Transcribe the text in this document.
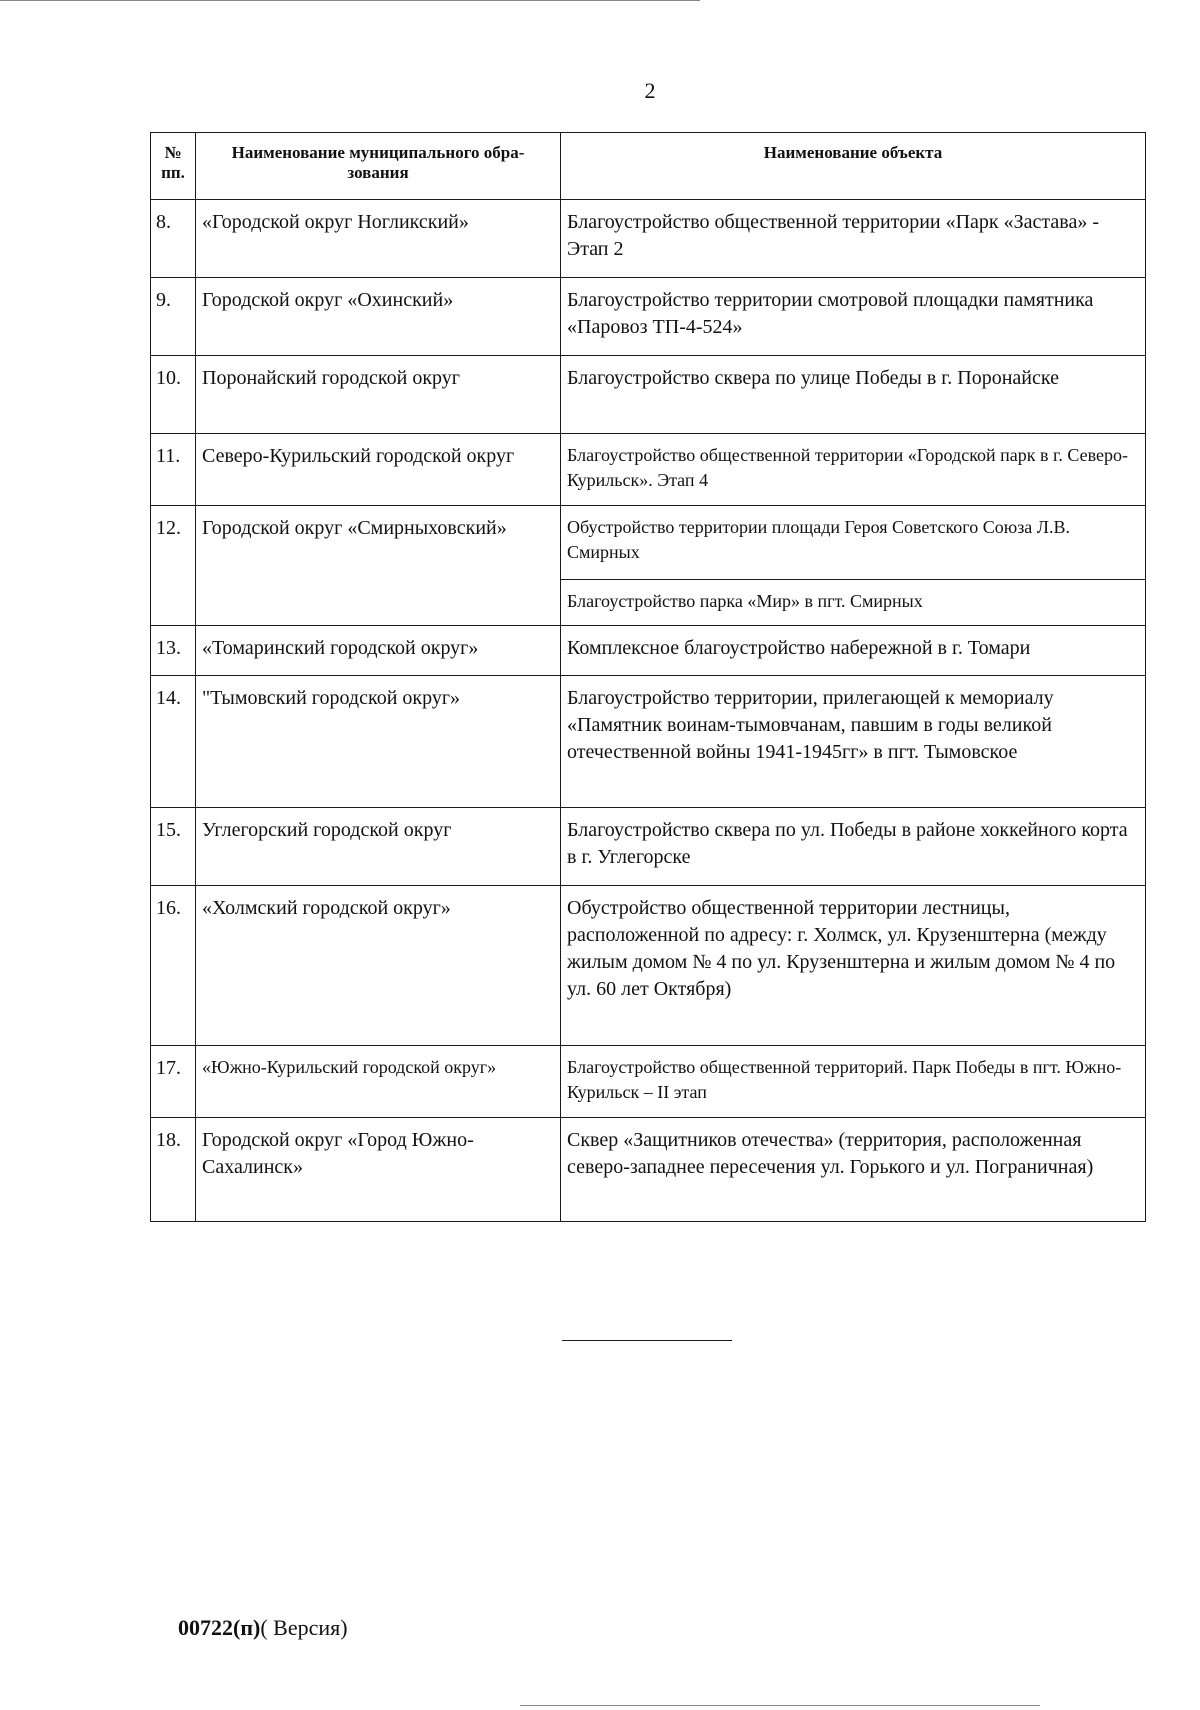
2
№ пп.	Наименование муниципального обра-зования	Наименование объекта
8.	«Городской округ Ногликский»	Благоустройство общественной территории «Парк «Застава» - Этап 2
9.	Городской округ «Охинский»	Благоустройство территории смотровой площадки памятника «Паровоз ТП-4-524»
10.	Поронайский городской округ	Благоустройство сквера по улице Победы в г. Поронайске
11.	Северо-Курильский городской округ	Благоустройство общественной территории «Городской парк в г. Северо-Курильск». Этап 4
12.	Городской округ «Смирныховский»	Обустройство территории площади Героя Советского Союза Л.В. Смирных
		Благоустройство парка «Мир» в пгт. Смирных
13.	«Томаринский городской округ»	Комплексное благоустройство набережной в г. Томари
14.	"Тымовский городской округ»	Благоустройство территории, прилегающей к мемориалу «Памятник воинам-тымовчанам, павшим в годы великой отечественной войны 1941-1945гг» в пгт. Тымовское
15.	Углегорский городской округ	Благоустройство сквера по ул. Победы в районе хоккейного корта в г. Углегорске
16.	«Холмский городской округ»	Обустройство общественной территории лестницы, расположенной по адресу: г. Холмск, ул. Крузенштерна (между жилым домом № 4 по ул. Крузенштерна и жилым домом № 4 по ул. 60 лет Октября)
17.	«Южно-Курильский городской округ»	Благоустройство общественной территорий. Парк Победы в пгт. Южно-Курильск – II этап
18.	Городской округ «Город Южно-Сахалинск»	Сквер «Защитников отечества» (территория, расположенная северо-западнее пересечения ул. Горького и ул. Пограничная)
00722(п)( Версия)
